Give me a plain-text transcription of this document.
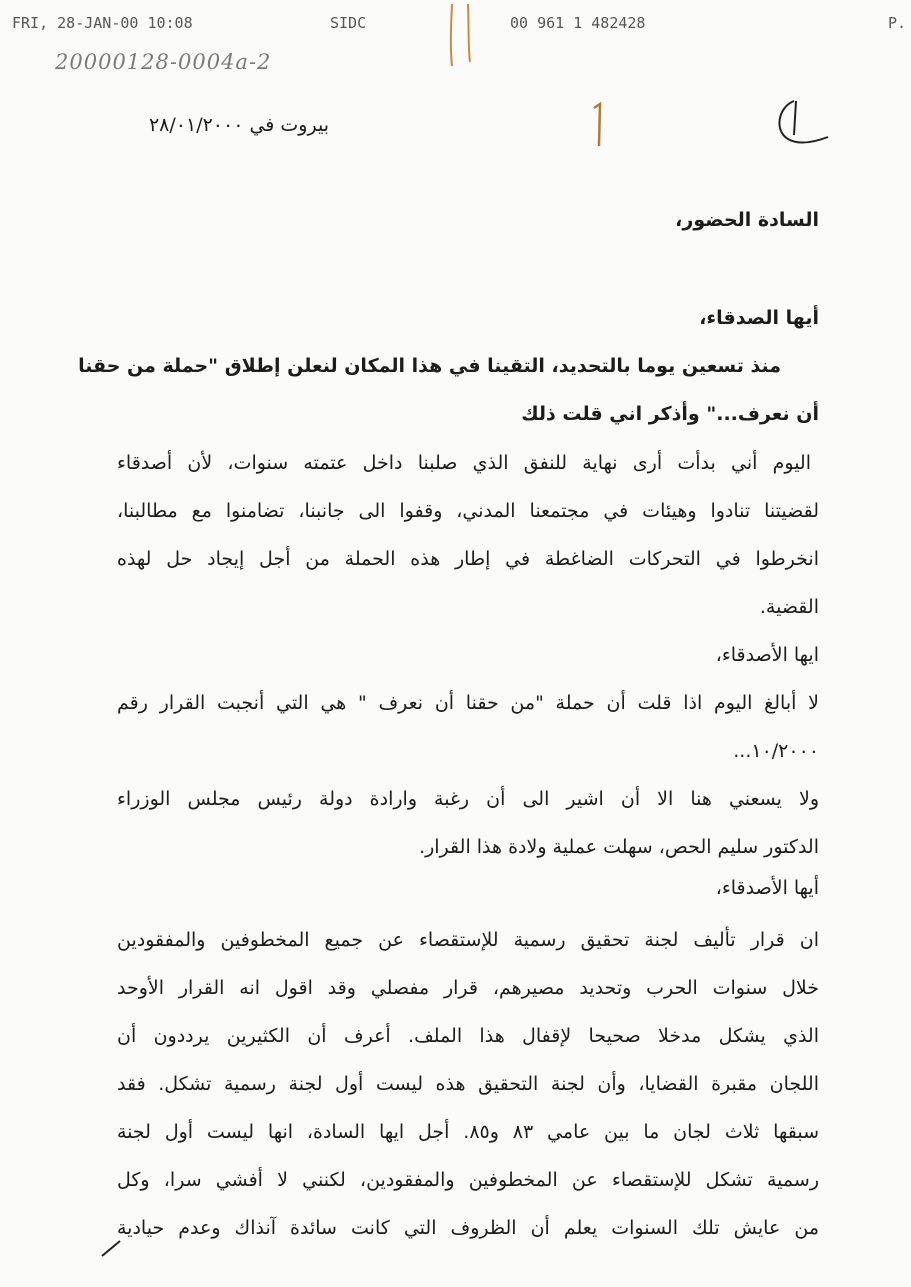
FRI, 28-JAN-00 10:08	SIDC	00 961 1 482428	P.
20000128-0004a-2
بيروت في ٢٨/٠١/٢٠٠٠
السادة الحضور،
أيها الصدقاء،
منذ تسعين يوما بالتحديد، التقينا في هذا المكان لنعلن إطلاق "حملة من حقنا
أن نعرف..." وأذكر اني قلت ذلك
اليوم أني بدأت أرى نهاية للنفق الذي صلبنا داخل عتمته سنوات، لأن أصدقاء
لقضيتنا تنادوا وهيئات في مجتمعنا المدني، وقفوا الى جانبنا، تضامنوا مع مطالبنا،
انخرطوا في التحركات الضاغطة في إطار هذه الحملة من أجل إيجاد حل لهذه
القضية.
ايها الأصدقاء،
لا أبالغ اليوم اذا قلت أن حملة "من حقنا أن نعرف " هي التي أنجبت القرار رقم
١٠/٢٠٠٠...
ولا يسعني هنا الا أن اشير الى أن رغبة وارادة دولة رئيس مجلس الوزراء
الدكتور سليم الحص، سهلت عملية ولادة هذا القرار.
أيها الأصدقاء،
ان قرار تأليف لجنة تحقيق رسمية للإستقصاء عن جميع المخطوفين والمفقودين
خلال سنوات الحرب وتحديد مصيرهم، قرار مفصلي وقد اقول انه القرار الأوحد
الذي يشكل مدخلا صحيحا لإقفال هذا الملف. أعرف أن الكثيرين يرددون أن
اللجان مقبرة القضايا، وأن لجنة التحقيق هذه ليست أول لجنة رسمية تشكل. فقد
سبقها ثلاث لجان ما بين عامي ٨٣ و٨٥. أجل ايها السادة، انها ليست أول لجنة
رسمية تشكل للإستقصاء عن المخطوفين والمفقودين، لكنني لا أفشي سرا، وكل
من عايش تلك السنوات يعلم أن الظروف التي كانت سائدة آنذاك وعدم حيادية
